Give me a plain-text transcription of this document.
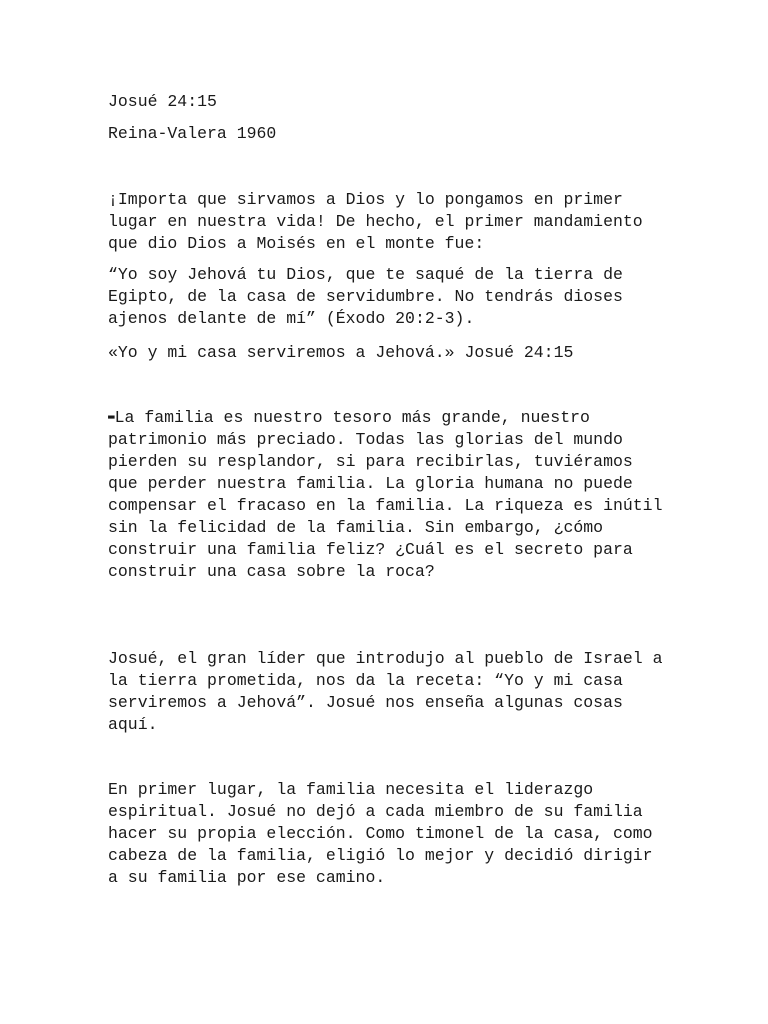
Josué 24:15

Reina-Valera 1960

¡Importa que sirvamos a Dios y lo pongamos en primer lugar en nuestra vida! De hecho, el primer mandamiento que dio Dios a Moisés en el monte fue:

“Yo soy Jehová tu Dios, que te saqué de la tierra de Egipto, de la casa de servidumbre. No tendrás dioses ajenos delante de mí” (Éxodo 20:2-3).

«Yo y mi casa serviremos a Jehová.» Josué 24:15

▬La familia es nuestro tesoro más grande, nuestro patrimonio más preciado. Todas las glorias del mundo pierden su resplandor, si para recibirlas, tuviéramos que perder nuestra familia. La gloria humana no puede compensar el fracaso en la familia. La riqueza es inútil sin la felicidad de la familia. Sin embargo, ¿cómo construir una familia feliz? ¿Cuál es el secreto para construir una casa sobre la roca?

Josué, el gran líder que introdujo al pueblo de Israel a la tierra prometida, nos da la receta: “Yo y mi casa serviremos a Jehová”. Josué nos enseña algunas cosas aquí.

En primer lugar, la familia necesita el liderazgo espiritual. Josué no dejó a cada miembro de su familia hacer su propia elección. Como timonel de la casa, como cabeza de la familia, eligió lo mejor y decidió dirigir a su familia por ese camino.
